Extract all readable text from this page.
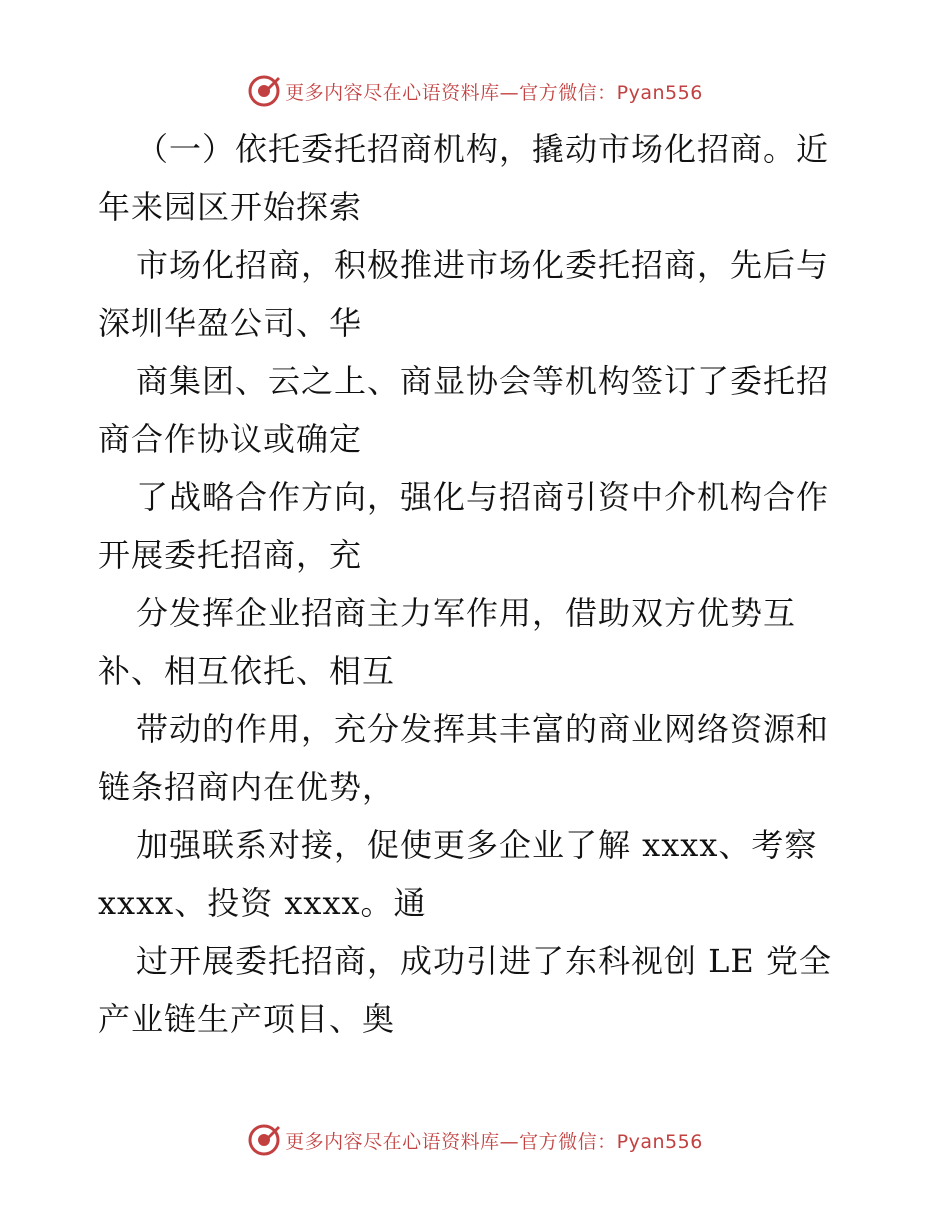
更多内容尽在心语资料库—官方微信：Pyan556
（一）依托委托招商机构，撬动市场化招商。近
年来园区开始探索
市场化招商，积极推进市场化委托招商，先后与
深圳华盈公司、华
商集团、云之上、商显协会等机构签订了委托招
商合作协议或确定
了战略合作方向，强化与招商引资中介机构合作
开展委托招商，充
分发挥企业招商主力军作用，借助双方优势互
补、相互依托、相互
带动的作用，充分发挥其丰富的商业网络资源和
链条招商内在优势，
加强联系对接，促使更多企业了解 xxxx、考察
xxxx、投资 xxxx。通
过开展委托招商，成功引进了东科视创 LE 党全
产业链生产项目、奥
更多内容尽在心语资料库—官方微信：Pyan556
